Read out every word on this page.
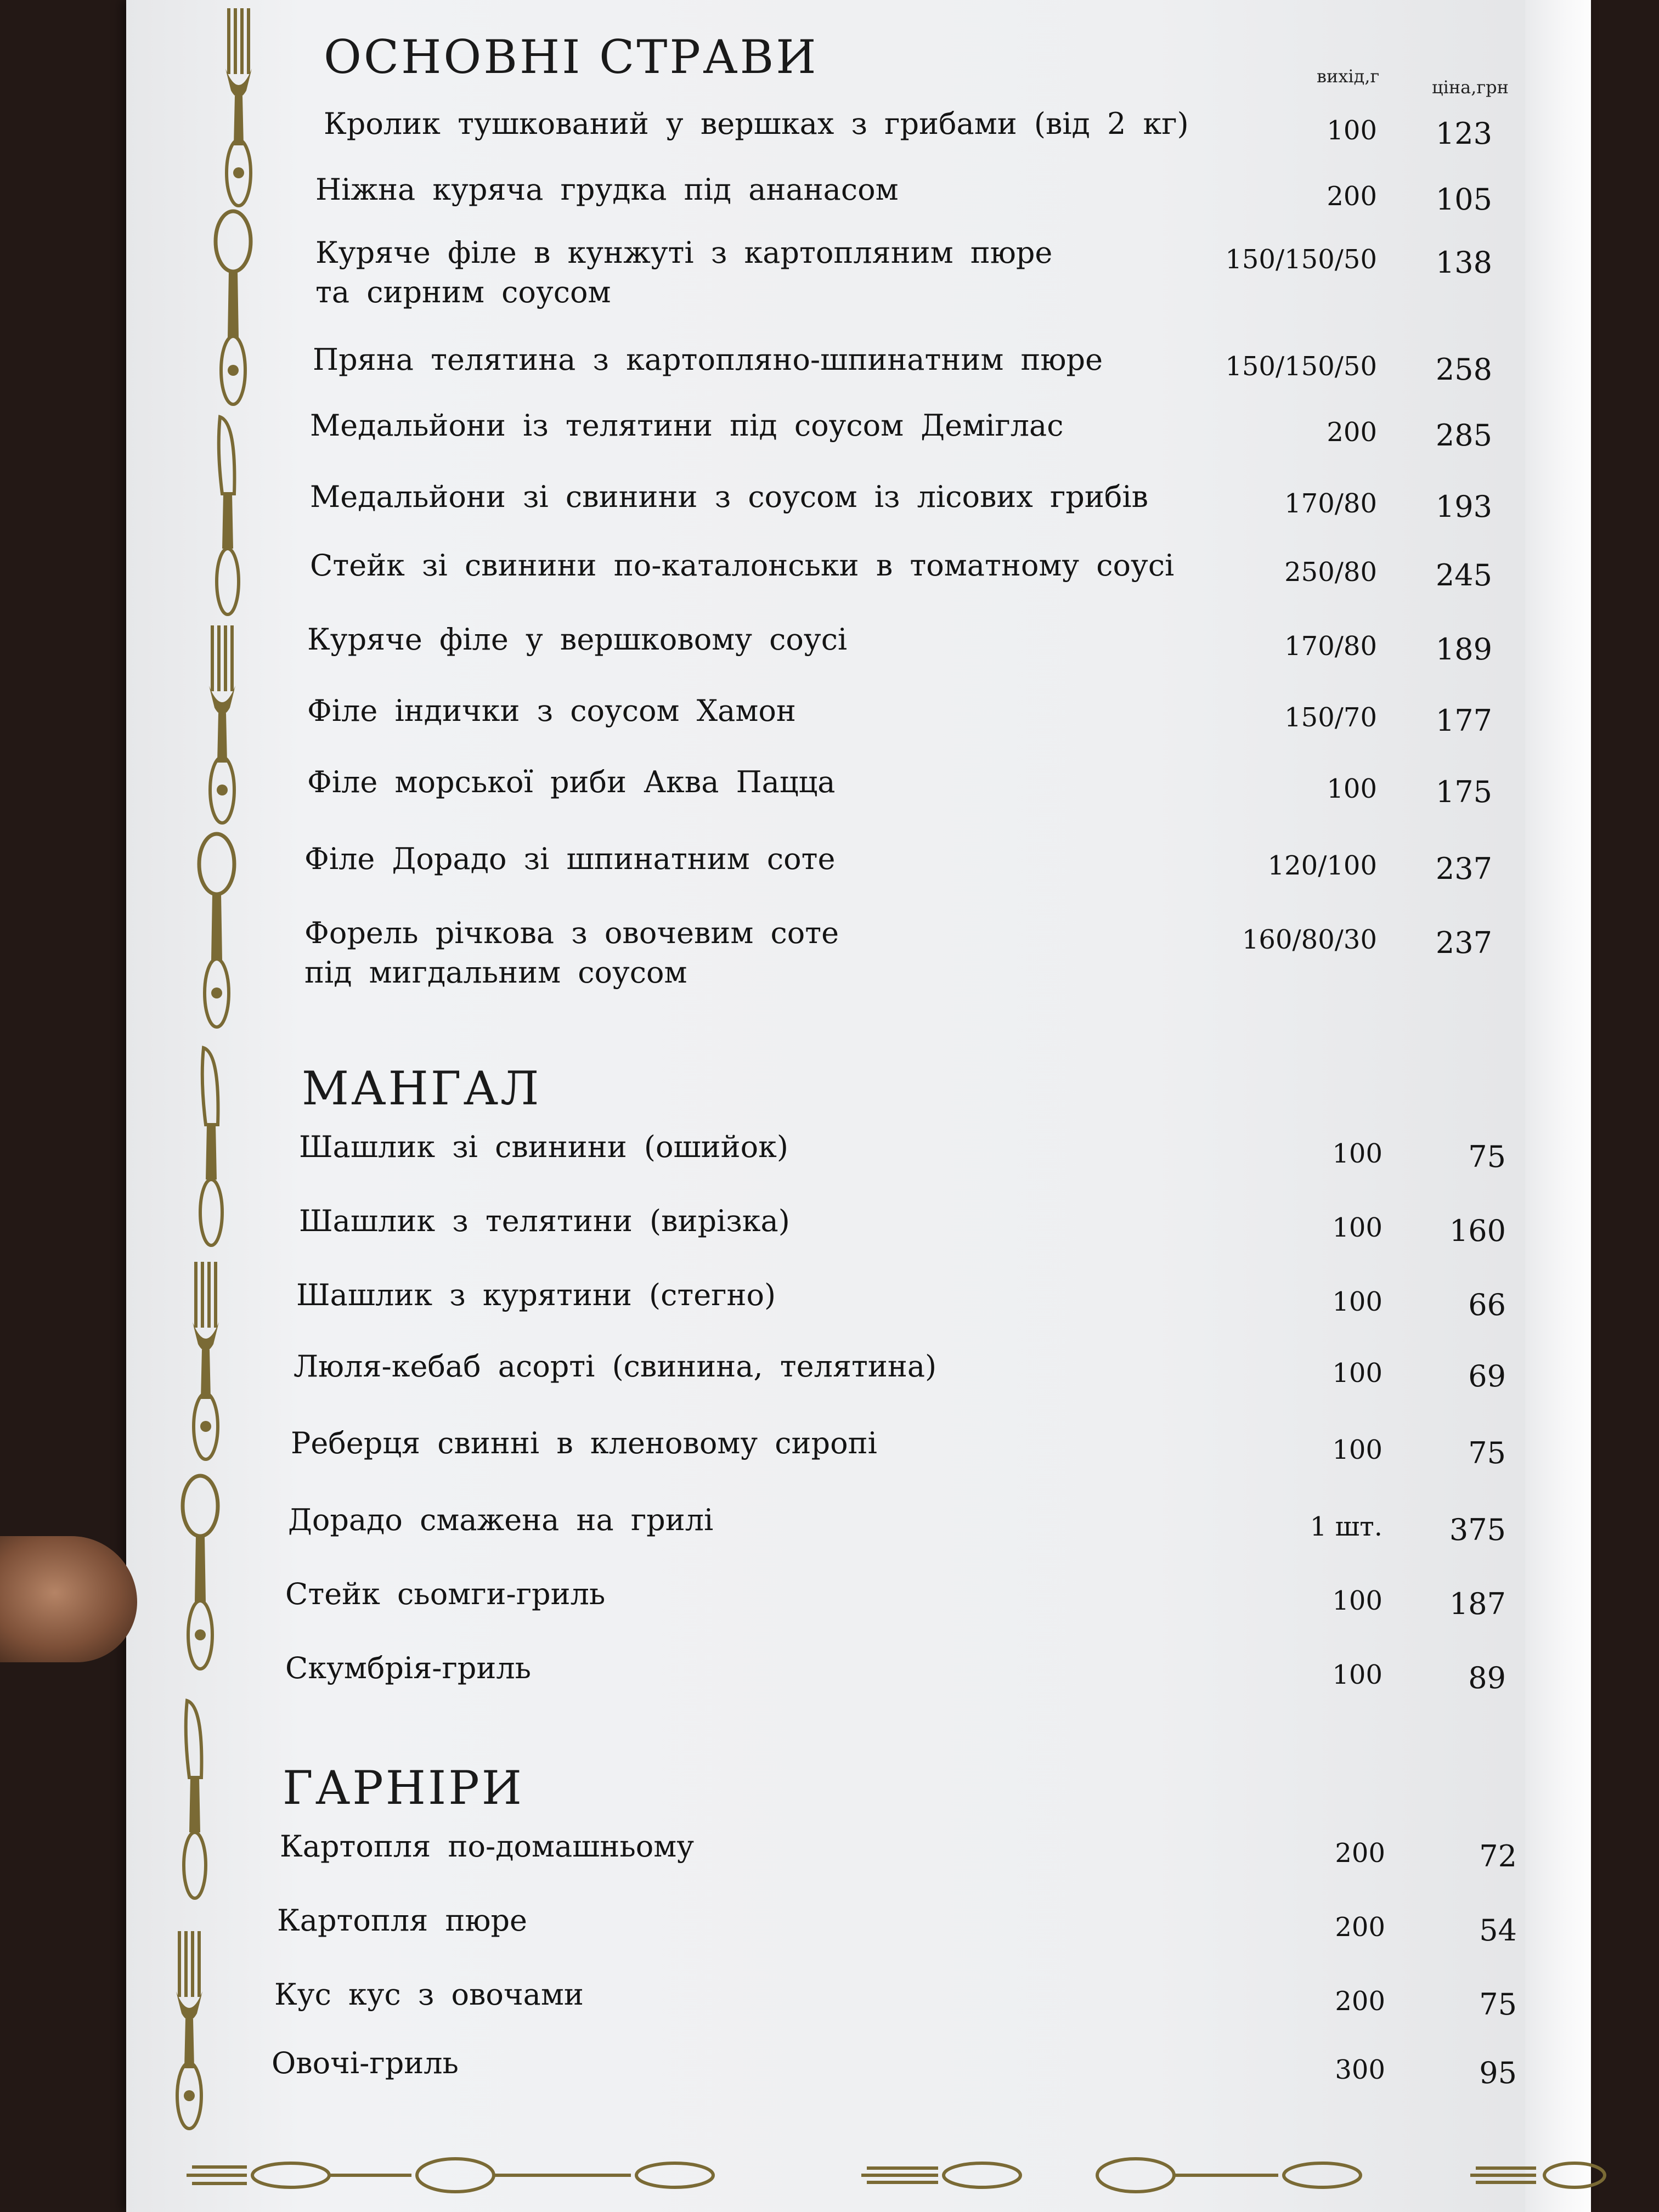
вихід,г
ціна,грн
ОСНОВНІ СТРАВИ
МАНГАЛ
ГАРНІРИ
Кролик тушкований у вершках з грибами (від 2 кг)	100	123
Ніжна куряча грудка під ананасом	200	105
Куряче філе в кунжуті з картопляним пюре
та сирним соусом
150/150/50	138
Пряна телятина з картопляно-шпинатним пюре	150/150/50	258
Медальйони із телятини під соусом Деміглас	200	285
Медальйони зі свинини з соусом із лісових грибів	170/80	193
Стейк зі свинини по-каталонськи в томатному соусі	250/80	245
Куряче філе у вершковому соусі	170/80	189
Філе індички з соусом Хамон	150/70	177
Філе морської риби Аква Пацца	100	175
Філе Дорадо зі шпинатним соте	120/100	237
Форель річкова з овочевим соте
під мигдальним соусом
160/80/30	237
Шашлик зі свинини (ошийок)	100	75
Шашлик з телятини (вирізка)	100	160
Шашлик з курятини (стегно)	100	66
Люля-кебаб асорті (свинина, телятина)	100	69
Реберця свинні в кленовому сиропі	100	75
Дорадо смажена на грилі	1 шт.	375
Стейк сьомги-гриль	100	187
Скумбрія-гриль	100	89
Картопля по-домашньому	200	72
Картопля пюре	200	54
Кус кус з овочами	200	75
Овочі-гриль	300	95
